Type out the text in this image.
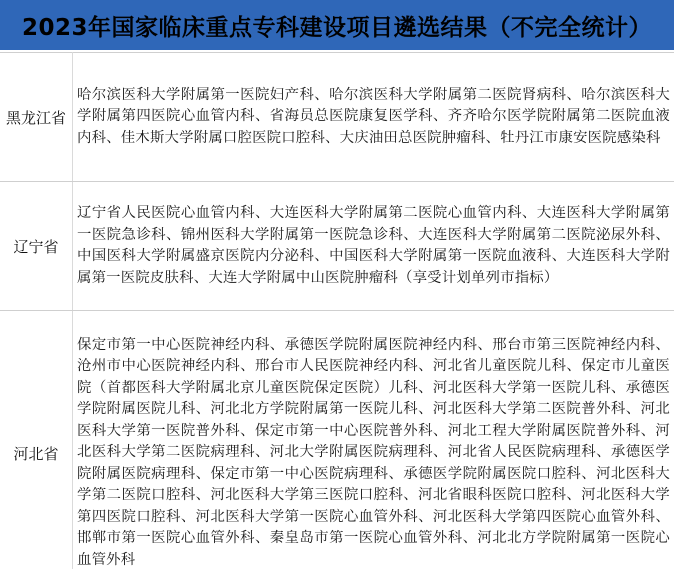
2023年国家临床重点专科建设项目遴选结果（不完全统计）
黑龙江省	哈尔滨医科大学附属第一医院妇产科、哈尔滨医科大学附属第二医院肾病科、哈尔滨医科大学附属第四医院心血管内科、省海员总医院康复医学科、齐齐哈尔医学院附属第二医院血液内科、佳木斯大学附属口腔医院口腔科、大庆油田总医院肿瘤科、牡丹江市康安医院感染科
辽宁省	辽宁省人民医院心血管内科、大连医科大学附属第二医院心血管内科、大连医科大学附属第一医院急诊科、锦州医科大学附属第一医院急诊科、大连医科大学附属第二医院泌尿外科、中国医科大学附属盛京医院内分泌科、中国医科大学附属第一医院血液科、大连医科大学附属第一医院皮肤科、大连大学附属中山医院肿瘤科（享受计划单列市指标）
河北省	保定市第一中心医院神经内科、承德医学院附属医院神经内科、邢台市第三医院神经内科、沧州市中心医院神经内科、邢台市人民医院神经内科、河北省儿童医院儿科、保定市儿童医院（首都医科大学附属北京儿童医院保定医院）儿科、河北医科大学第一医院儿科、承德医学院附属医院儿科、河北北方学院附属第一医院儿科、河北医科大学第二医院普外科、河北医科大学第一医院普外科、保定市第一中心医院普外科、河北工程大学附属医院普外科、河北医科大学第二医院病理科、河北大学附属医院病理科、河北省人民医院病理科、承德医学院附属医院病理科、保定市第一中心医院病理科、承德医学院附属医院口腔科、河北医科大学第二医院口腔科、河北医科大学第三医院口腔科、河北省眼科医院口腔科、河北医科大学第四医院口腔科、河北医科大学第一医院心血管外科、河北医科大学第四医院心血管外科、邯郸市第一医院心血管外科、秦皇岛市第一医院心血管外科、河北北方学院附属第一医院心血管外科
